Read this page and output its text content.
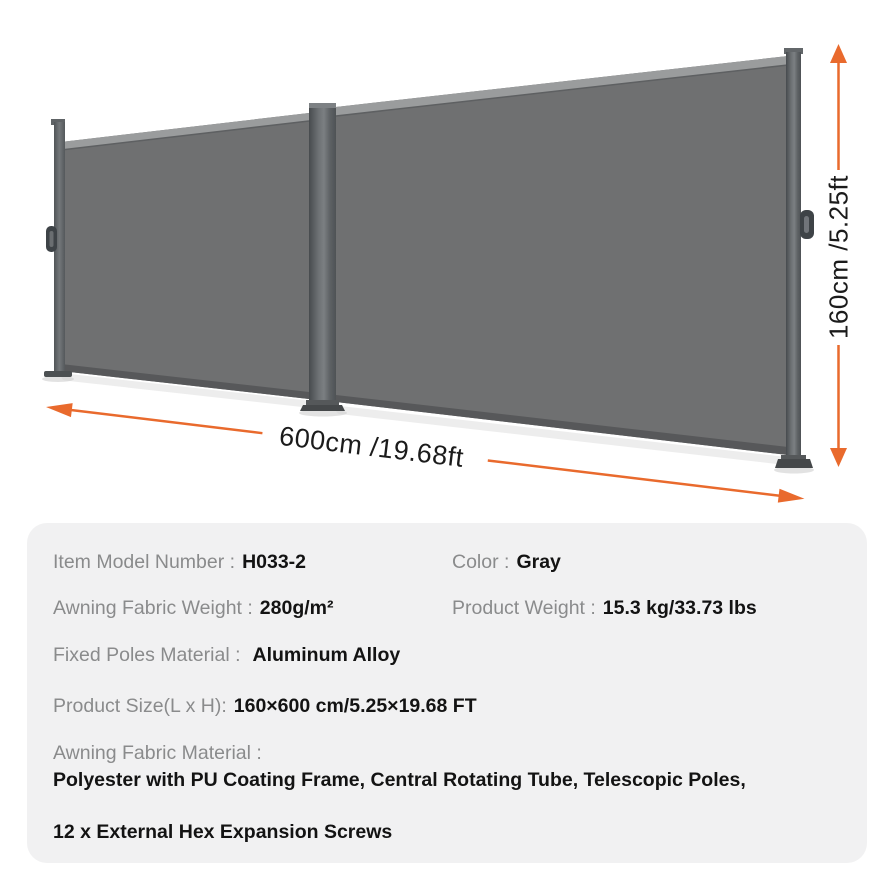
160cm /5.25ft
600cm /19.68ft
Item Model Number : H033-2	Color : Gray
Awning Fabric Weight : 280g/m²	Product Weight : 15.3 kg/33.73 lbs
Fixed Poles Material : Aluminum Alloy
Product Size(L x H): 160×600 cm/5.25×19.68 FT
Awning Fabric Material :
Polyester with PU Coating Frame, Central Rotating Tube, Telescopic Poles,
12 x External Hex Expansion Screws
